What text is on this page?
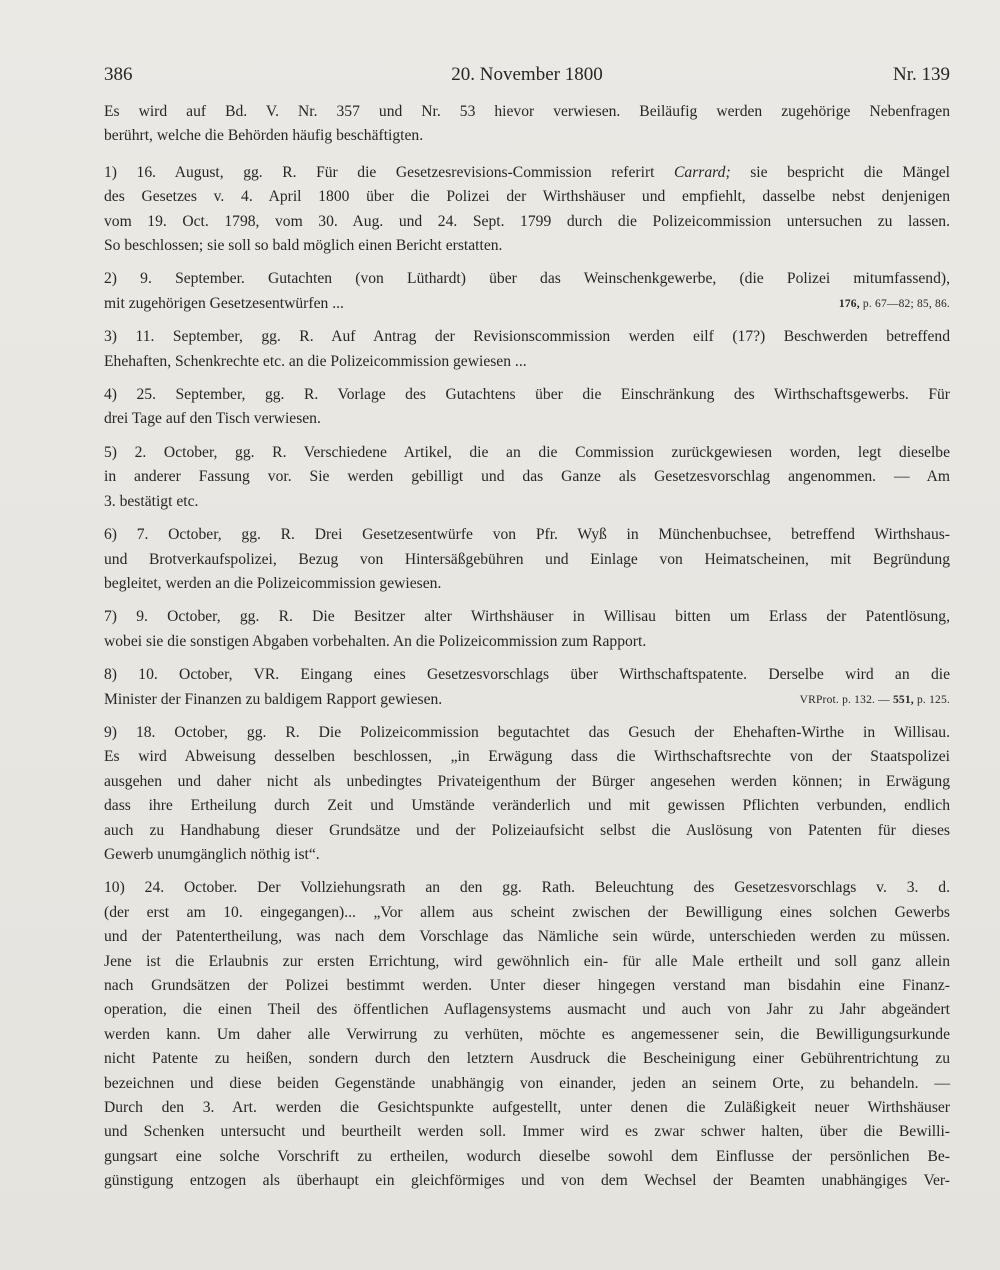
386	20. November 1800	Nr. 139

Es wird auf Bd. V. Nr. 357 und Nr. 53 hievor verwiesen. Beiläufig werden zugehörige Nebenfragen
berührt, welche die Behörden häufig beschäftigten.

1) 16. August, gg. R. Für die Gesetzesrevisions-Commission referirt Carrard; sie bespricht die Mängel
des Gesetzes v. 4. April 1800 über die Polizei der Wirthshäuser und empfiehlt, dasselbe nebst denjenigen
vom 19. Oct. 1798, vom 30. Aug. und 24. Sept. 1799 durch die Polizeicommission untersuchen zu lassen.
So beschlossen; sie soll so bald möglich einen Bericht erstatten.

2) 9. September. Gutachten (von Lüthardt) über das Weinschenkgewerbe, (die Polizei mitumfassend),
mit zugehörigen Gesetzesentwürfen ...	176, p. 67—82; 85, 86.

3) 11. September, gg. R. Auf Antrag der Revisionscommission werden eilf (17?) Beschwerden betreffend
Ehehaften, Schenkrechte etc. an die Polizeicommission gewiesen ...

4) 25. September, gg. R. Vorlage des Gutachtens über die Einschränkung des Wirthschaftsgewerbs. Für
drei Tage auf den Tisch verwiesen.

5) 2. October, gg. R. Verschiedene Artikel, die an die Commission zurückgewiesen worden, legt dieselbe
in anderer Fassung vor. Sie werden gebilligt und das Ganze als Gesetzesvorschlag angenommen. — Am
3. bestätigt etc.

6) 7. October, gg. R. Drei Gesetzesentwürfe von Pfr. Wyß in Münchenbuchsee, betreffend Wirthshaus-
und Brotverkaufspolizei, Bezug von Hintersäßgebühren und Einlage von Heimatscheinen, mit Begründung
begleitet, werden an die Polizeicommission gewiesen.

7) 9. October, gg. R. Die Besitzer alter Wirthshäuser in Willisau bitten um Erlass der Patentlösung,
wobei sie die sonstigen Abgaben vorbehalten. An die Polizeicommission zum Rapport.

8) 10. October, VR. Eingang eines Gesetzesvorschlags über Wirthschaftspatente. Derselbe wird an die
Minister der Finanzen zu baldigem Rapport gewiesen.	VRProt. p. 132. — 551, p. 125.

9) 18. October, gg. R. Die Polizeicommission begutachtet das Gesuch der Ehehaften-Wirthe in Willisau.
Es wird Abweisung desselben beschlossen, „in Erwägung dass die Wirthschaftsrechte von der Staatspolizei
ausgehen und daher nicht als unbedingtes Privateigenthum der Bürger angesehen werden können; in Erwägung
dass ihre Ertheilung durch Zeit und Umstände veränderlich und mit gewissen Pflichten verbunden, endlich
auch zu Handhabung dieser Grundsätze und der Polizeiaufsicht selbst die Auslösung von Patenten für dieses
Gewerb unumgänglich nöthig ist“.

10) 24. October. Der Vollziehungsrath an den gg. Rath. Beleuchtung des Gesetzesvorschlags v. 3. d.
(der erst am 10. eingegangen)... „Vor allem aus scheint zwischen der Bewilligung eines solchen Gewerbs
und der Patentertheilung, was nach dem Vorschlage das Nämliche sein würde, unterschieden werden zu müssen.
Jene ist die Erlaubnis zur ersten Errichtung, wird gewöhnlich ein- für alle Male ertheilt und soll ganz allein
nach Grundsätzen der Polizei bestimmt werden. Unter dieser hingegen verstand man bisdahin eine Finanz-
operation, die einen Theil des öffentlichen Auflagensystems ausmacht und auch von Jahr zu Jahr abgeändert
werden kann. Um daher alle Verwirrung zu verhüten, möchte es angemessener sein, die Bewilligungsurkunde
nicht Patente zu heißen, sondern durch den letztern Ausdruck die Bescheinigung einer Gebührentrichtung zu
bezeichnen und diese beiden Gegenstände unabhängig von einander, jeden an seinem Orte, zu behandeln. —
Durch den 3. Art. werden die Gesichtspunkte aufgestellt, unter denen die Zuläßigkeit neuer Wirthshäuser
und Schenken untersucht und beurtheilt werden soll. Immer wird es zwar schwer halten, über die Bewilli-
gungsart eine solche Vorschrift zu ertheilen, wodurch dieselbe sowohl dem Einflusse der persönlichen Be-
günstigung entzogen als überhaupt ein gleichförmiges und von dem Wechsel der Beamten unabhängiges Ver-
